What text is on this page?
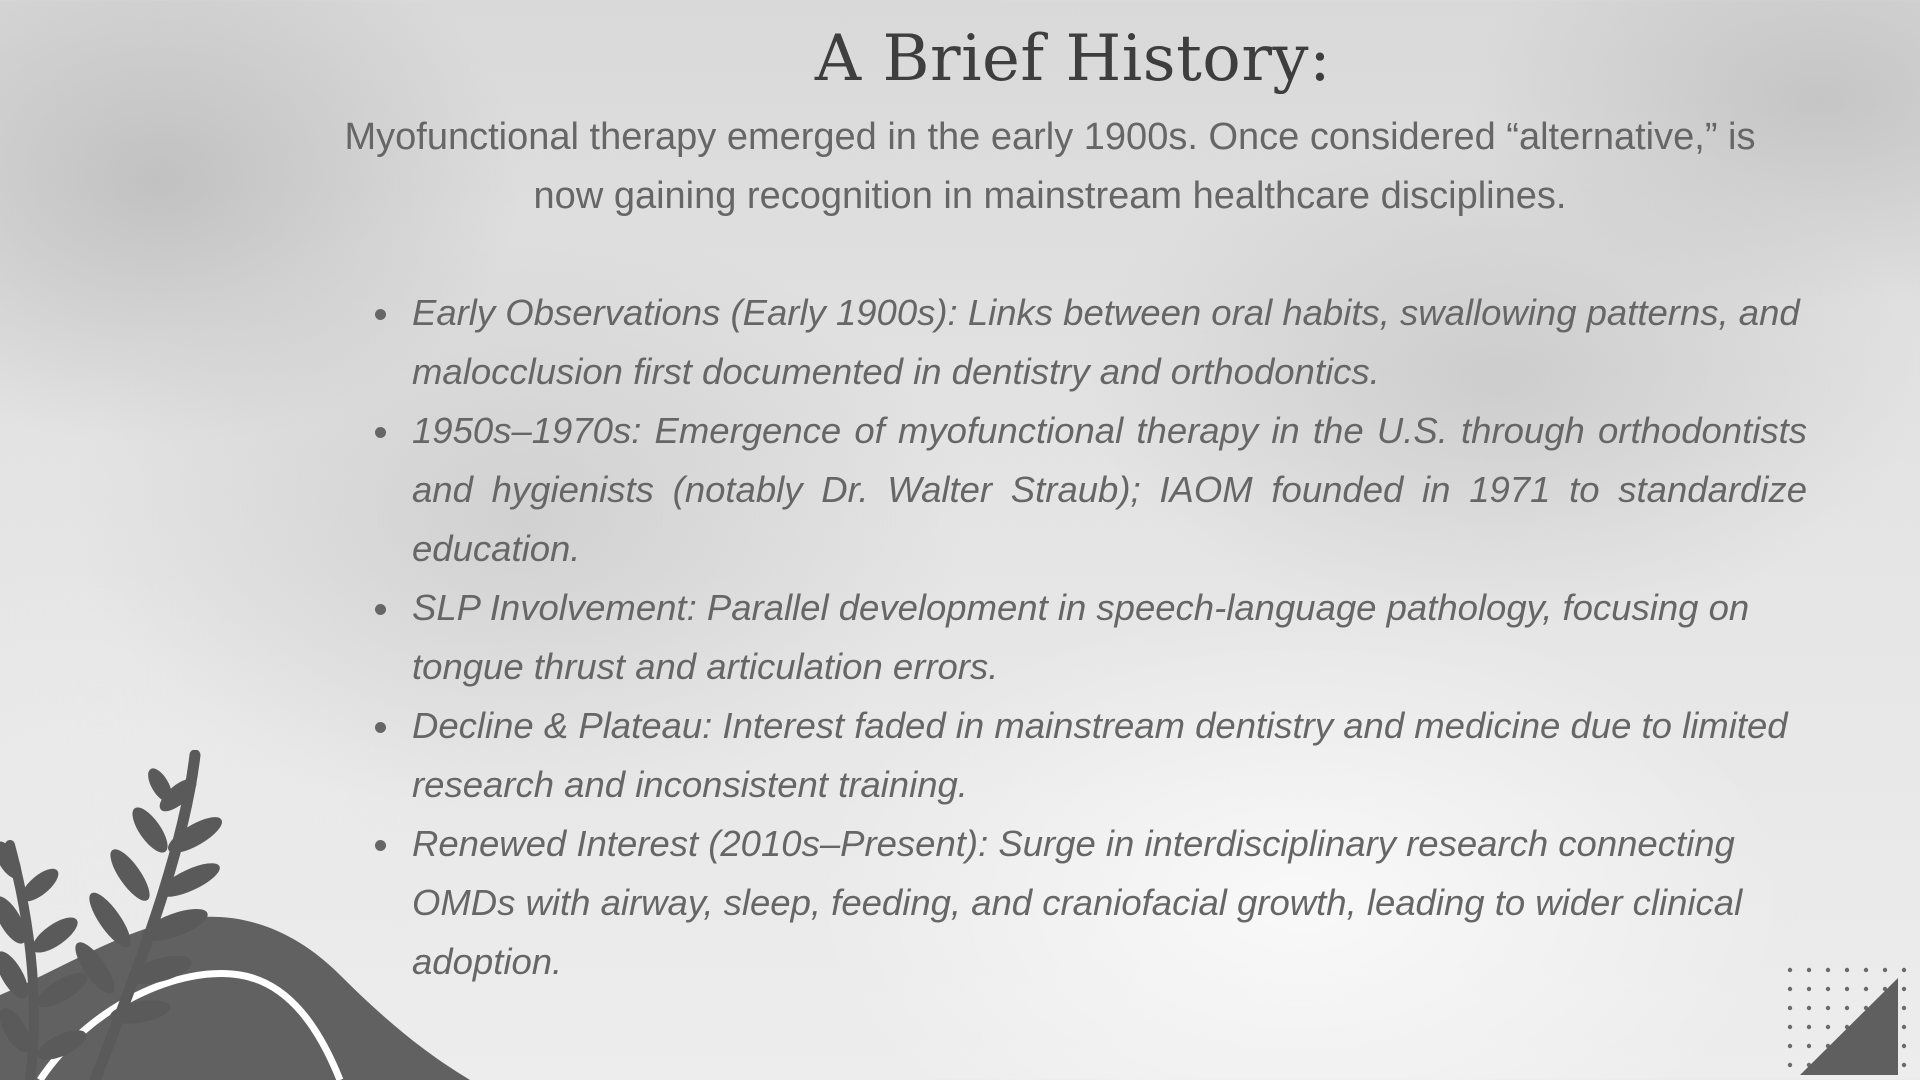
A Brief History:

Myofunctional therapy emerged in the early 1900s. Once considered “alternative,” is now gaining recognition in mainstream healthcare disciplines.

Early Observations (Early 1900s): Links between oral habits, swallowing patterns, and malocclusion first documented in dentistry and orthodontics.
1950s–1970s: Emergence of myofunctional therapy in the U.S. through orthodontists and hygienists (notably Dr. Walter Straub); IAOM founded in 1971 to standardize education.
SLP Involvement: Parallel development in speech-language pathology, focusing on tongue thrust and articulation errors.
Decline & Plateau: Interest faded in mainstream dentistry and medicine due to limited research and inconsistent training.
Renewed Interest (2010s–Present): Surge in interdisciplinary research connecting OMDs with airway, sleep, feeding, and craniofacial growth, leading to wider clinical adoption.
